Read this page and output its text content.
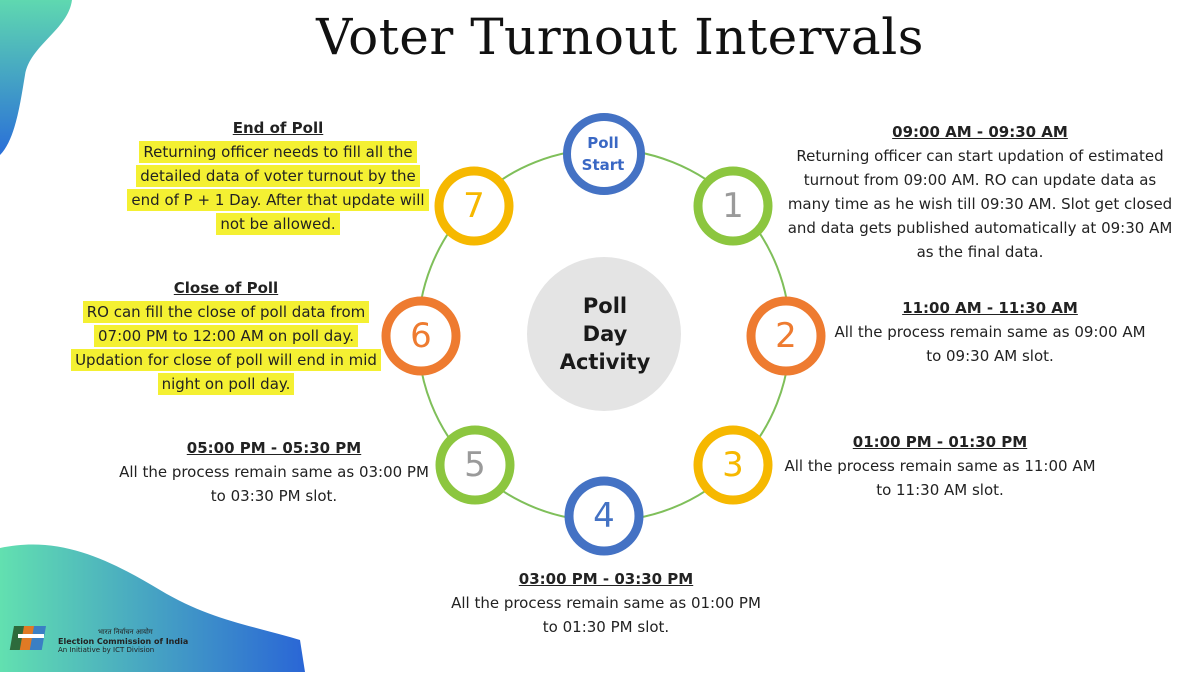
Voter Turnout Intervals
Poll
Start
Poll
Day
Activity
1
2
3
4
5
6
7
09:00 AM - 09:30 AM
Returning officer can start updation of estimated
turnout from 09:00 AM. RO can update data as
many time as he wish till 09:30 AM. Slot get closed
and data gets published automatically at 09:30 AM
as the final data.
11:00 AM - 11:30 AM
All the process remain same as 09:00 AM
to 09:30 AM slot.
01:00 PM - 01:30 PM
All the process remain same as 11:00 AM
to 11:30 AM slot.
03:00 PM - 03:30 PM
All the process remain same as 01:00 PM
to 01:30 PM slot.
05:00 PM - 05:30 PM
All the process remain same as 03:00 PM
to 03:30 PM slot.
Close of Poll
RO can fill the close of poll data from
07:00 PM to 12:00 AM on poll day.
Updation for close of poll will end in mid
night on poll day.
End of Poll
Returning officer needs to fill all the
detailed data of voter turnout by the
end of P + 1 Day. After that update will
not be allowed.
भारत निर्वाचन आयोग
Election Commission of India
An Initiative by ICT Division
